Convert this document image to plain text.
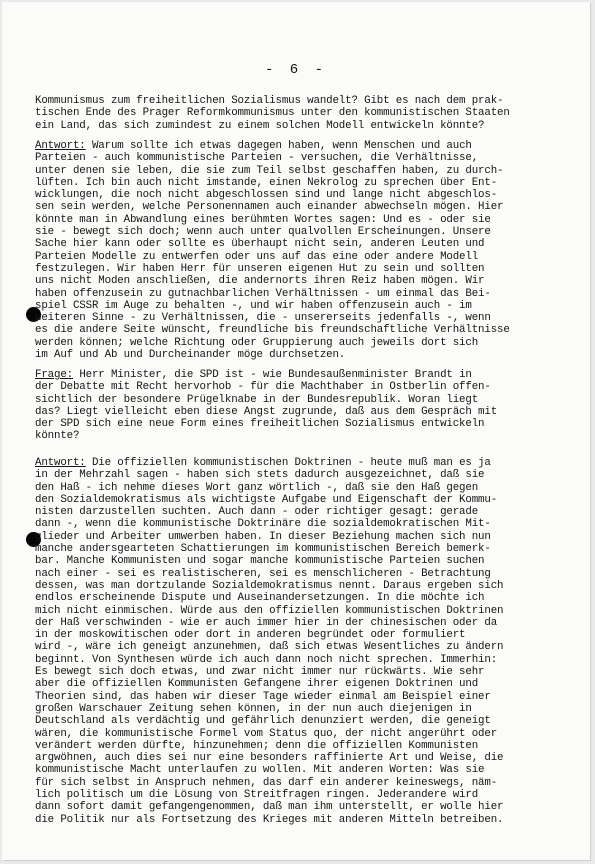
- 6 -
Kommunismus zum freiheitlichen Sozialismus wandelt? Gibt es nach dem prak-
tischen Ende des Prager Reformkommunismus unter den kommunistischen Staaten
ein Land, das sich zumindest zu einem solchen Modell entwickeln könnte?
Antwort: Warum sollte ich etwas dagegen haben, wenn Menschen und auch
Parteien - auch kommunistische Parteien - versuchen, die Verhältnisse,
unter denen sie leben, die sie zum Teil selbst geschaffen haben, zu durch-
lüften. Ich bin auch nicht imstande, einen Nekrolog zu sprechen über Ent-
wicklungen, die noch nicht abgeschlossen sind und lange nicht abgeschlos-
sen sein werden, welche Personennamen auch einander abwechseln mögen. Hier
könnte man in Abwandlung eines berühmten Wortes sagen: Und es - oder sie
sie - bewegt sich doch; wenn auch unter qualvollen Erscheinungen. Unsere
Sache hier kann oder sollte es überhaupt nicht sein, anderen Leuten und
Parteien Modelle zu entwerfen oder uns auf das eine oder andere Modell
festzulegen. Wir haben Herr für unseren eigenen Hut zu sein und sollten
uns nicht Moden anschließen, die andernorts ihren Reiz haben mögen. Wir
haben offenzusein zu gutnachbarlichen Verhältnissen - um einmal das Bei-
spiel CSSR im Auge zu behalten -, und wir haben offenzusein auch - im
weiteren Sinne - zu Verhältnissen, die - unsererseits jedenfalls -, wenn
es die andere Seite wünscht, freundliche bis freundschaftliche Verhältnisse
werden können; welche Richtung oder Gruppierung auch jeweils dort sich
im Auf und Ab und Durcheinander möge durchsetzen.
Frage: Herr Minister, die SPD ist - wie Bundesaußenminister Brandt in
der Debatte mit Recht hervorhob - für die Machthaber in Ostberlin offen-
sichtlich der besondere Prügelknabe in der Bundesrepublik. Woran liegt
das? Liegt vielleicht eben diese Angst zugrunde, daß aus dem Gespräch mit
der SPD sich eine neue Form eines freiheitlichen Sozialismus entwickeln
könnte?
Antwort: Die offiziellen kommunistischen Doktrinen - heute muß man es ja
in der Mehrzahl sagen - haben sich stets dadurch ausgezeichnet, daß sie
den Haß - ich nehme dieses Wort ganz wörtlich -, daß sie den Haß gegen
den Sozialdemokratismus als wichtigste Aufgabe und Eigenschaft der Kommu-
nisten darzustellen suchten. Auch dann - oder richtiger gesagt: gerade
dann -, wenn die kommunistische Doktrinäre die sozialdemokratischen Mit-
glieder und Arbeiter umwerben haben. In dieser Beziehung machen sich nun
manche andersgearteten Schattierungen im kommunistischen Bereich bemerk-
bar. Manche Kommunisten und sogar manche kommunistische Parteien suchen
nach einer - sei es realistischeren, sei es menschlicheren - Betrachtung
dessen, was man dortzulande Sozialdemokratismus nennt. Daraus ergeben sich
endlos erscheinende Dispute und Auseinandersetzungen. In die möchte ich
mich nicht einmischen. Würde aus den offiziellen kommunistischen Doktrinen
der Haß verschwinden - wie er auch immer hier in der chinesischen oder da
in der moskowitischen oder dort in anderen begründet oder formuliert
wird -, wäre ich geneigt anzunehmen, daß sich etwas Wesentliches zu ändern
beginnt. Von Synthesen würde ich auch dann noch nicht sprechen. Immerhin:
Es bewegt sich doch etwas, und zwar nicht immer nur rückwärts. Wie sehr
aber die offiziellen Kommunisten Gefangene ihrer eigenen Doktrinen und
Theorien sind, das haben wir dieser Tage wieder einmal am Beispiel einer
großen Warschauer Zeitung sehen können, in der nun auch diejenigen in
Deutschland als verdächtig und gefährlich denunziert werden, die geneigt
wären, die kommunistische Formel vom Status quo, der nicht angerührt oder
verändert werden dürfte, hinzunehmen; denn die offiziellen Kommunisten
argwöhnen, auch dies sei nur eine besonders raffinierte Art und Weise, die
kommunistische Macht unterlaufen zu wollen. Mit anderen Worten: Was sie
für sich selbst in Anspruch nehmen, das darf ein anderer keineswegs, näm-
lich politisch um die Lösung von Streitfragen ringen. Jederandere wird
dann sofort damit gefangengenommen, daß man ihm unterstellt, er wolle hier
die Politik nur als Fortsetzung des Krieges mit anderen Mitteln betreiben.
